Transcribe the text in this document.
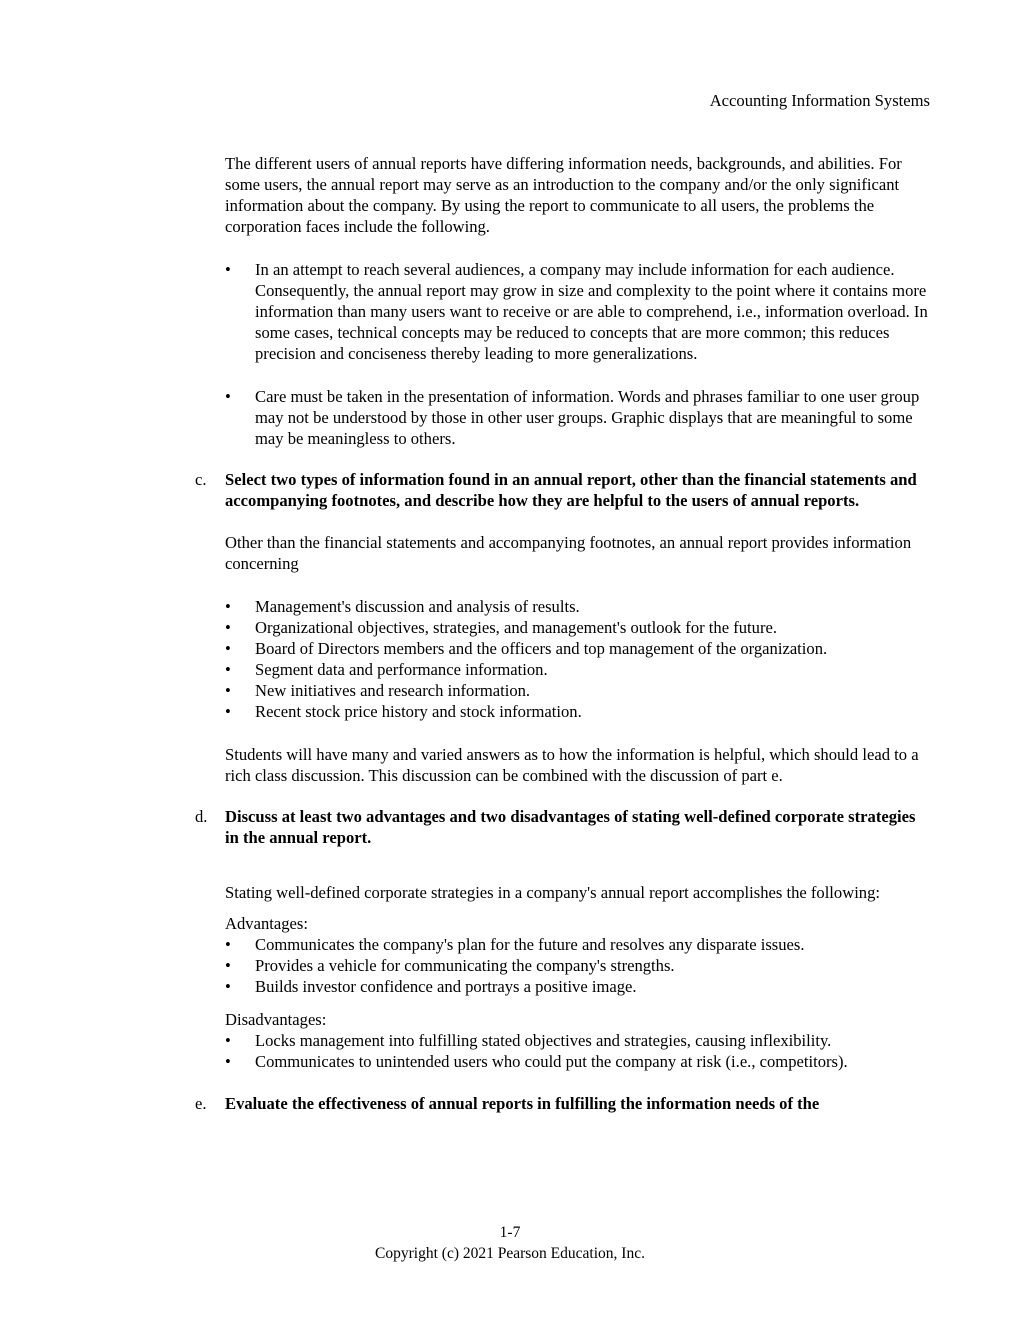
Accounting Information Systems

The different users of annual reports have differing information needs, backgrounds, and abilities. For some users, the annual report may serve as an introduction to the company and/or the only significant information about the company. By using the report to communicate to all users, the problems the corporation faces include the following.

• In an attempt to reach several audiences, a company may include information for each audience. Consequently, the annual report may grow in size and complexity to the point where it contains more information than many users want to receive or are able to comprehend, i.e., information overload. In some cases, technical concepts may be reduced to concepts that are more common; this reduces precision and conciseness thereby leading to more generalizations.
• Care must be taken in the presentation of information. Words and phrases familiar to one user group may not be understood by those in other user groups. Graphic displays that are meaningful to some may be meaningless to others.
c.	Select two types of information found in an annual report, other than the financial statements and accompanying footnotes, and describe how they are helpful to the users of annual reports.

Other than the financial statements and accompanying footnotes, an annual report provides information concerning

• Management's discussion and analysis of results.
• Organizational objectives, strategies, and management's outlook for the future.
• Board of Directors members and the officers and top management of the organization.
• Segment data and performance information.
• New initiatives and research information.
• Recent stock price history and stock information.

Students will have many and varied answers as to how the information is helpful, which should lead to a rich class discussion. This discussion can be combined with the discussion of part e.

d.	Discuss at least two advantages and two disadvantages of stating well-defined corporate strategies in the annual report.

Stating well-defined corporate strategies in a company's annual report accomplishes the following:

Advantages:

• Communicates the company's plan for the future and resolves any disparate issues.
• Provides a vehicle for communicating the company's strengths.
• Builds investor confidence and portrays a positive image.

Disadvantages:

• Locks management into fulfilling stated objectives and strategies, causing inflexibility.
• Communicates to unintended users who could put the company at risk (i.e., competitors).
e.	Evaluate the effectiveness of annual reports in fulfilling the information needs of the
1-7
Copyright (c) 2021 Pearson Education, Inc.
